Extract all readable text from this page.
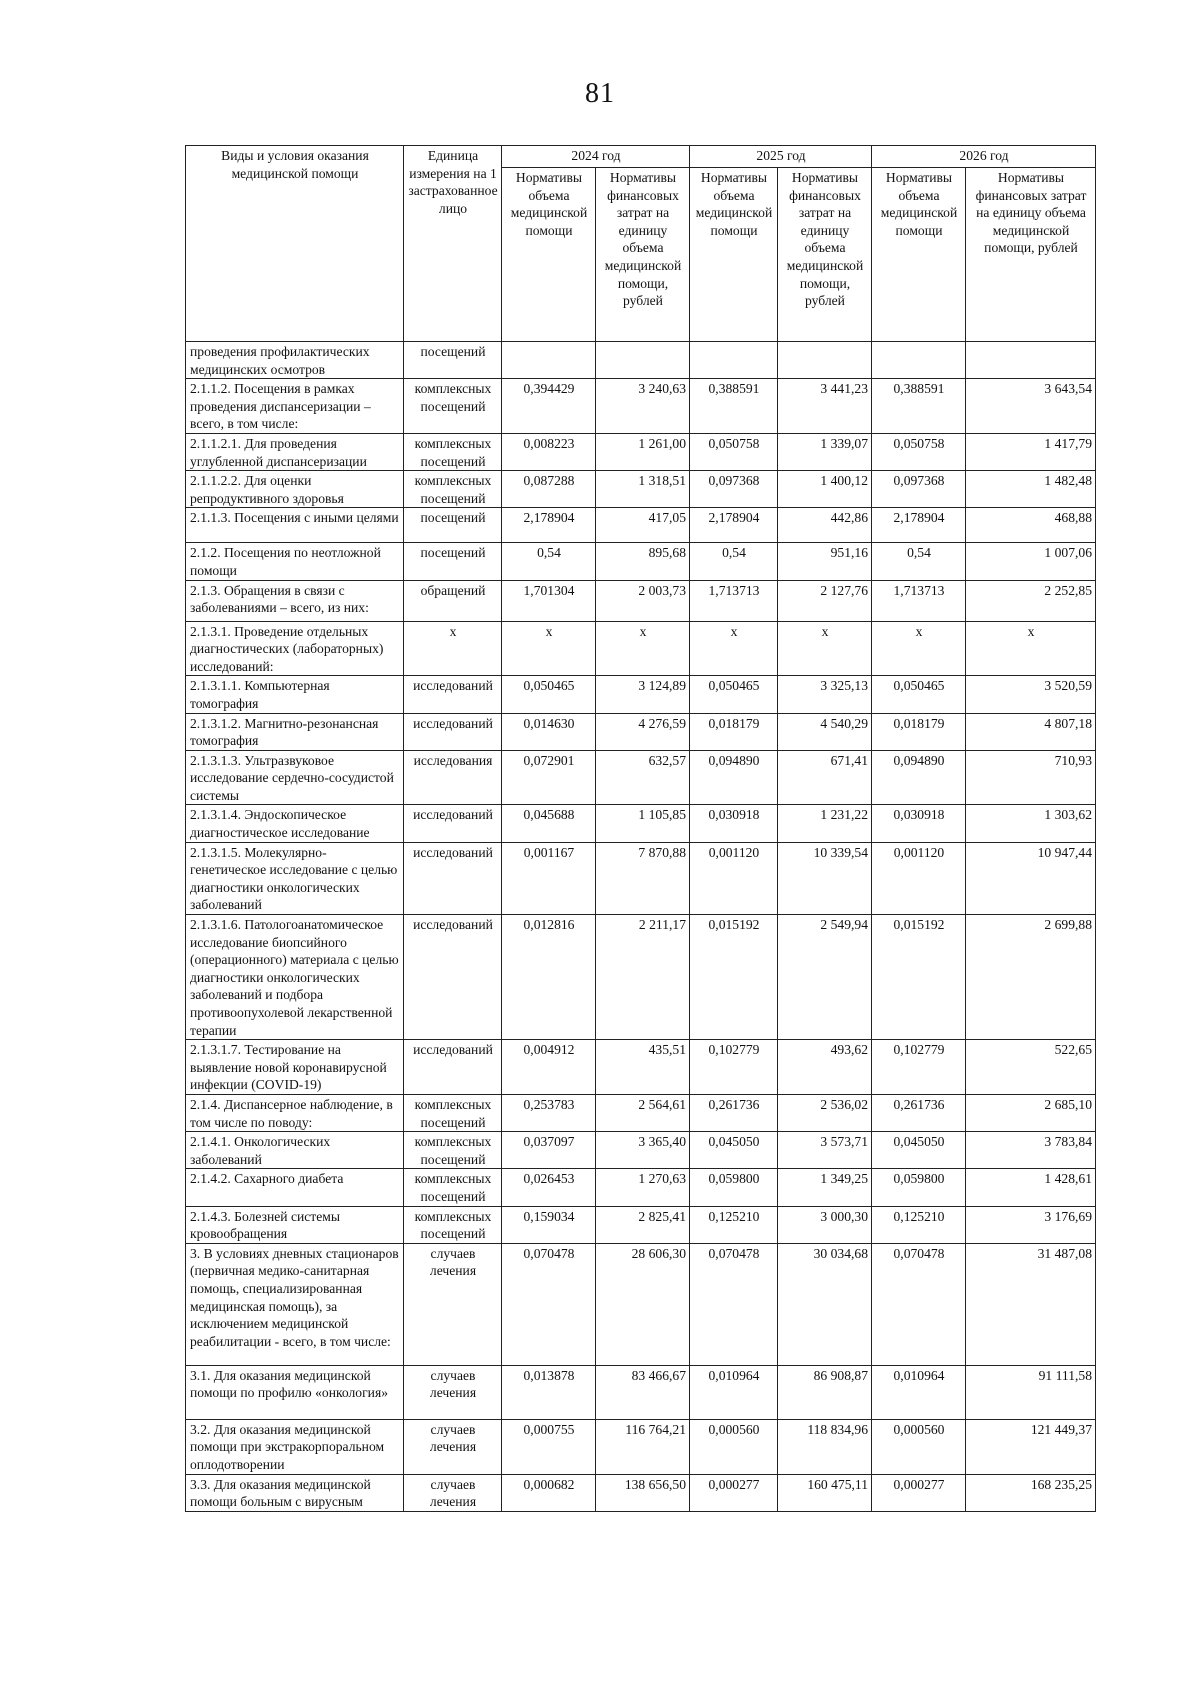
81
Виды и условия оказания медицинской помощи	Единица измерения на 1 застрахованное лицо	2024 год		2025 год		2026 год	
		Нормативы объема медицинской помощи	Нормативы финансовых затрат на единицу объема медицинской помощи, рублей	Нормативы объема медицинской помощи	Нормативы финансовых затрат на единицу объема медицинской помощи, рублей	Нормативы объема медицинской помощи	Нормативы финансовых затрат на единицу объема медицинской помощи, рублей
проведения профилактических медицинских осмотров	посещений						
2.1.1.2. Посещения в рамках проведения диспансеризации – всего, в том числе:	комплексных посещений	0,394429	3 240,63	0,388591	3 441,23	0,388591	3 643,54
2.1.1.2.1. Для проведения углубленной диспансеризации	комплексных посещений	0,008223	1 261,00	0,050758	1 339,07	0,050758	1 417,79
2.1.1.2.2. Для оценки репродуктивного здоровья	комплексных посещений	0,087288	1 318,51	0,097368	1 400,12	0,097368	1 482,48
2.1.1.3. Посещения с иными целями	посещений	2,178904	417,05	2,178904	442,86	2,178904	468,88
2.1.2. Посещения по неотложной помощи	посещений	0,54	895,68	0,54	951,16	0,54	1 007,06
2.1.3. Обращения в связи с заболеваниями – всего, из них:	обращений	1,701304	2 003,73	1,713713	2 127,76	1,713713	2 252,85
2.1.3.1. Проведение отдельных диагностических (лабораторных) исследований:	х	х	х	х	х	х	х
2.1.3.1.1. Компьютерная томография	исследований	0,050465	3 124,89	0,050465	3 325,13	0,050465	3 520,59
2.1.3.1.2. Магнитно-резонансная томография	исследований	0,014630	4 276,59	0,018179	4 540,29	0,018179	4 807,18
2.1.3.1.3. Ультразвуковое исследование сердечно-сосудистой системы	исследования	0,072901	632,57	0,094890	671,41	0,094890	710,93
2.1.3.1.4. Эндоскопическое диагностическое исследование	исследований	0,045688	1 105,85	0,030918	1 231,22	0,030918	1 303,62
2.1.3.1.5. Молекулярно-генетическое исследование с целью диагностики онкологических заболеваний	исследований	0,001167	7 870,88	0,001120	10 339,54	0,001120	10 947,44
2.1.3.1.6. Патологоанатомическое исследование биопсийного (операционного) материала с целью диагностики онкологических заболеваний и подбора противоопухолевой лекарственной терапии	исследований	0,012816	2 211,17	0,015192	2 549,94	0,015192	2 699,88
2.1.3.1.7. Тестирование на выявление новой коронавирусной инфекции (COVID-19)	исследований	0,004912	435,51	0,102779	493,62	0,102779	522,65
2.1.4. Диспансерное наблюдение, в том числе по поводу:	комплексных посещений	0,253783	2 564,61	0,261736	2 536,02	0,261736	2 685,10
2.1.4.1. Онкологических заболеваний	комплексных посещений	0,037097	3 365,40	0,045050	3 573,71	0,045050	3 783,84
2.1.4.2. Сахарного диабета	комплексных посещений	0,026453	1 270,63	0,059800	1 349,25	0,059800	1 428,61
2.1.4.3. Болезней системы кровообращения	комплексных посещений	0,159034	2 825,41	0,125210	3 000,30	0,125210	3 176,69
3. В условиях дневных стационаров (первичная медико-санитарная помощь, специализированная медицинская помощь), за исключением медицинской реабилитации - всего, в том числе:	случаев лечения	0,070478	28 606,30	0,070478	30 034,68	0,070478	31 487,08
3.1. Для оказания медицинской помощи по профилю «онкология»	случаев лечения	0,013878	83 466,67	0,010964	86 908,87	0,010964	91 111,58
3.2. Для оказания медицинской помощи при экстракорпоральном оплодотворении	случаев лечения	0,000755	116 764,21	0,000560	118 834,96	0,000560	121 449,37
3.3. Для оказания медицинской помощи больным с вирусным	случаев лечения	0,000682	138 656,50	0,000277	160 475,11	0,000277	168 235,25
